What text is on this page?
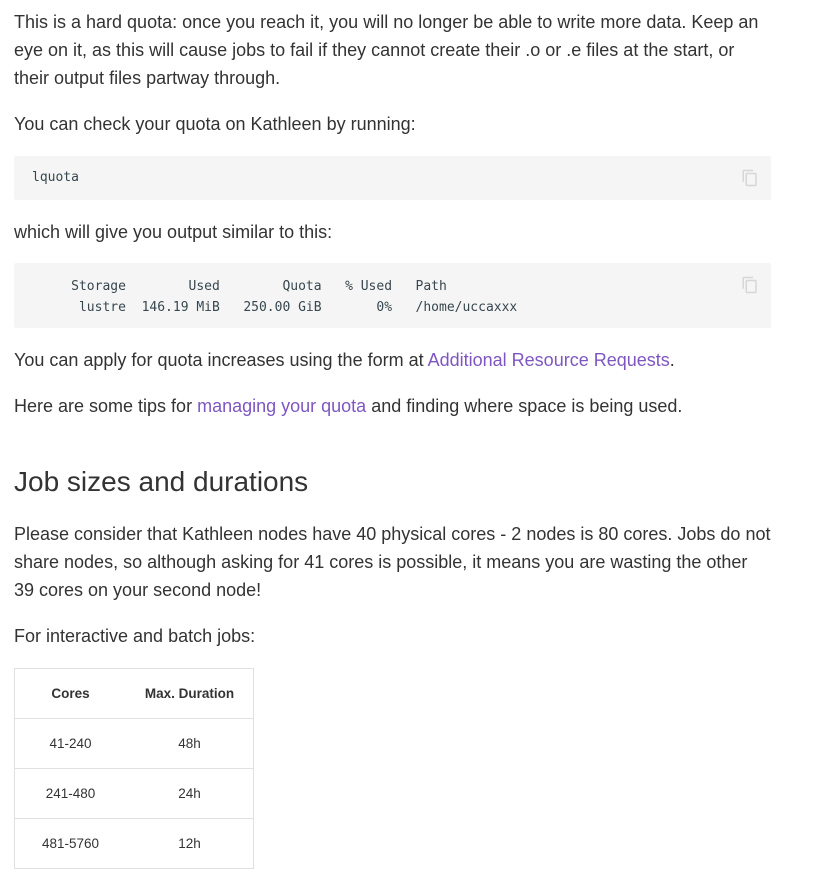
This is a hard quota: once you reach it, you will no longer be able to write more data. Keep an eye on it, as this will cause jobs to fail if they cannot create their .o or .e files at the start, or their output files partway through.

You can check your quota on Kathleen by running:

lquota

which will give you output similar to this:

Storage        Used        Quota   % Used   Path
lustre  146.19 MiB   250.00 GiB       0%   /home/uccaxxx

You can apply for quota increases using the form at Additional Resource Requests.

Here are some tips for managing your quota and finding where space is being used.

Job sizes and durations

Please consider that Kathleen nodes have 40 physical cores - 2 nodes is 80 cores. Jobs do not share nodes, so although asking for 41 cores is possible, it means you are wasting the other 39 cores on your second node!

For interactive and batch jobs:

Cores	Max. Duration
41-240	48h
241-480	24h
481-5760	12h
